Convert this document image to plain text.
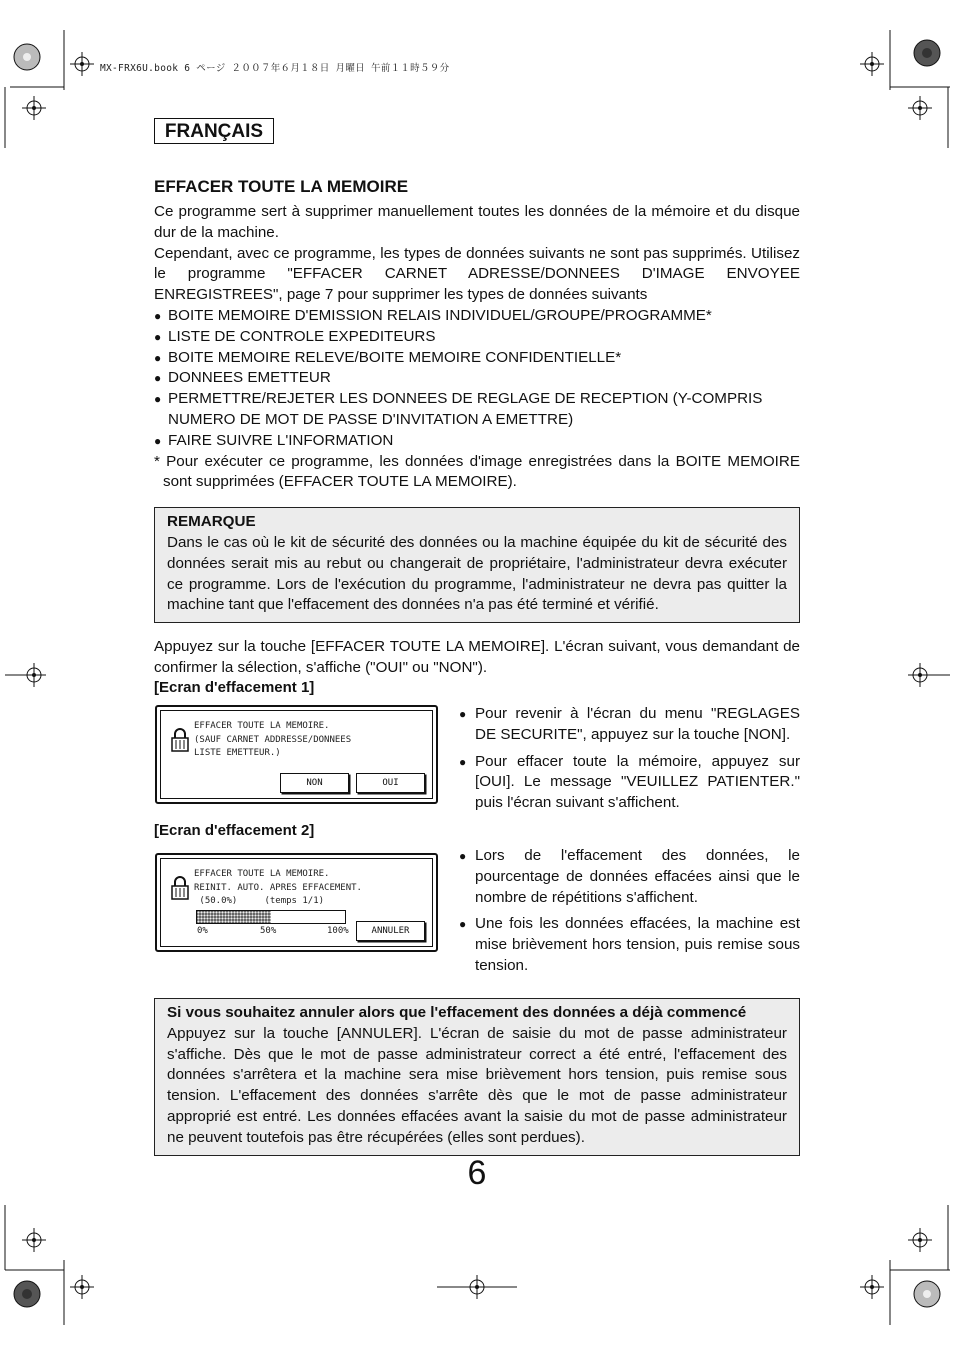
MX-FRX6U.book 6 ページ ２００７年６月１８日 月曜日 午前１１時５９分
FRANÇAIS
EFFACER TOUTE LA MEMOIRE

Ce programme sert à supprimer manuellement toutes les données de la mémoire et du disque dur de la machine.

Cependant, avec ce programme, les types de données suivants ne sont pas supprimés. Utilisez le programme "EFFACER CARNET ADRESSE/DONNEES D'IMAGE ENVOYEE ENREGISTREES", page 7 pour supprimer les types de données suivants

● BOITE MEMOIRE D'EMISSION RELAIS INDIVIDUEL/GROUPE/PROGRAMME*
● LISTE DE CONTROLE EXPEDITEURS
● BOITE MEMOIRE RELEVE/BOITE MEMOIRE CONFIDENTIELLE*
● DONNEES EMETTEUR
● PERMETTRE/REJETER LES DONNEES DE REGLAGE DE RECEPTION (Y-COMPRIS NUMERO DE MOT DE PASSE D'INVITATION A EMETTRE)
● FAIRE SUIVRE L'INFORMATION

* Pour exécuter ce programme, les données d'image enregistrées dans la BOITE MEMOIRE sont supprimées (EFFACER TOUTE LA MEMOIRE).

REMARQUE

Dans le cas où le kit de sécurité des données ou la machine équipée du kit de sécurité des données serait mis au rebut ou changerait de propriétaire, l'administrateur devra exécuter ce programme. Lors de l'exécution du programme, l'administrateur ne devra pas quitter la machine tant que l'effacement des données n'a pas été terminé et vérifié.

Appuyez sur la touche [EFFACER TOUTE LA MEMOIRE]. L'écran suivant, vous demandant de confirmer la sélection, s'affiche ("OUI" ou "NON").

[Ecran d'effacement 1]
EFFACER TOUTE LA MEMOIRE.
(SAUF CARNET ADDRESSE/DONNEES
LISTE EMETTEUR.)
NON	OUI
● Pour revenir à l'écran du menu "REGLAGES DE SECURITE", appuyez sur la touche [NON].
● Pour effacer toute la mémoire, appuyez sur [OUI]. Le message "VEUILLEZ PATIENTER." puis l'écran suivant s'affichent.
[Ecran d'effacement 2]
EFFACER TOUTE LA MEMOIRE.
REINIT. AUTO. APRES EFFACEMENT.
(50.0%)     (temps 1/1)
0%	50%	100%	ANNULER
● Lors de l'effacement des données, le pourcentage de données effacées ainsi que le nombre de répétitions s'affichent.
● Une fois les données effacées, la machine est mise brièvement hors tension, puis remise sous tension.
Si vous souhaitez annuler alors que l'effacement des données a déjà commencé

Appuyez sur la touche [ANNULER]. L'écran de saisie du mot de passe administrateur s'affiche. Dès que le mot de passe administrateur correct a été entré, l'effacement des données s'arrêtera et la machine sera mise brièvement hors tension, puis remise sous tension. L'effacement des données s'arrête dès que le mot de passe administrateur approprié est entré. Les données effacées avant la saisie du mot de passe administrateur ne peuvent toutefois pas être récupérées (elles sont perdues).

6
